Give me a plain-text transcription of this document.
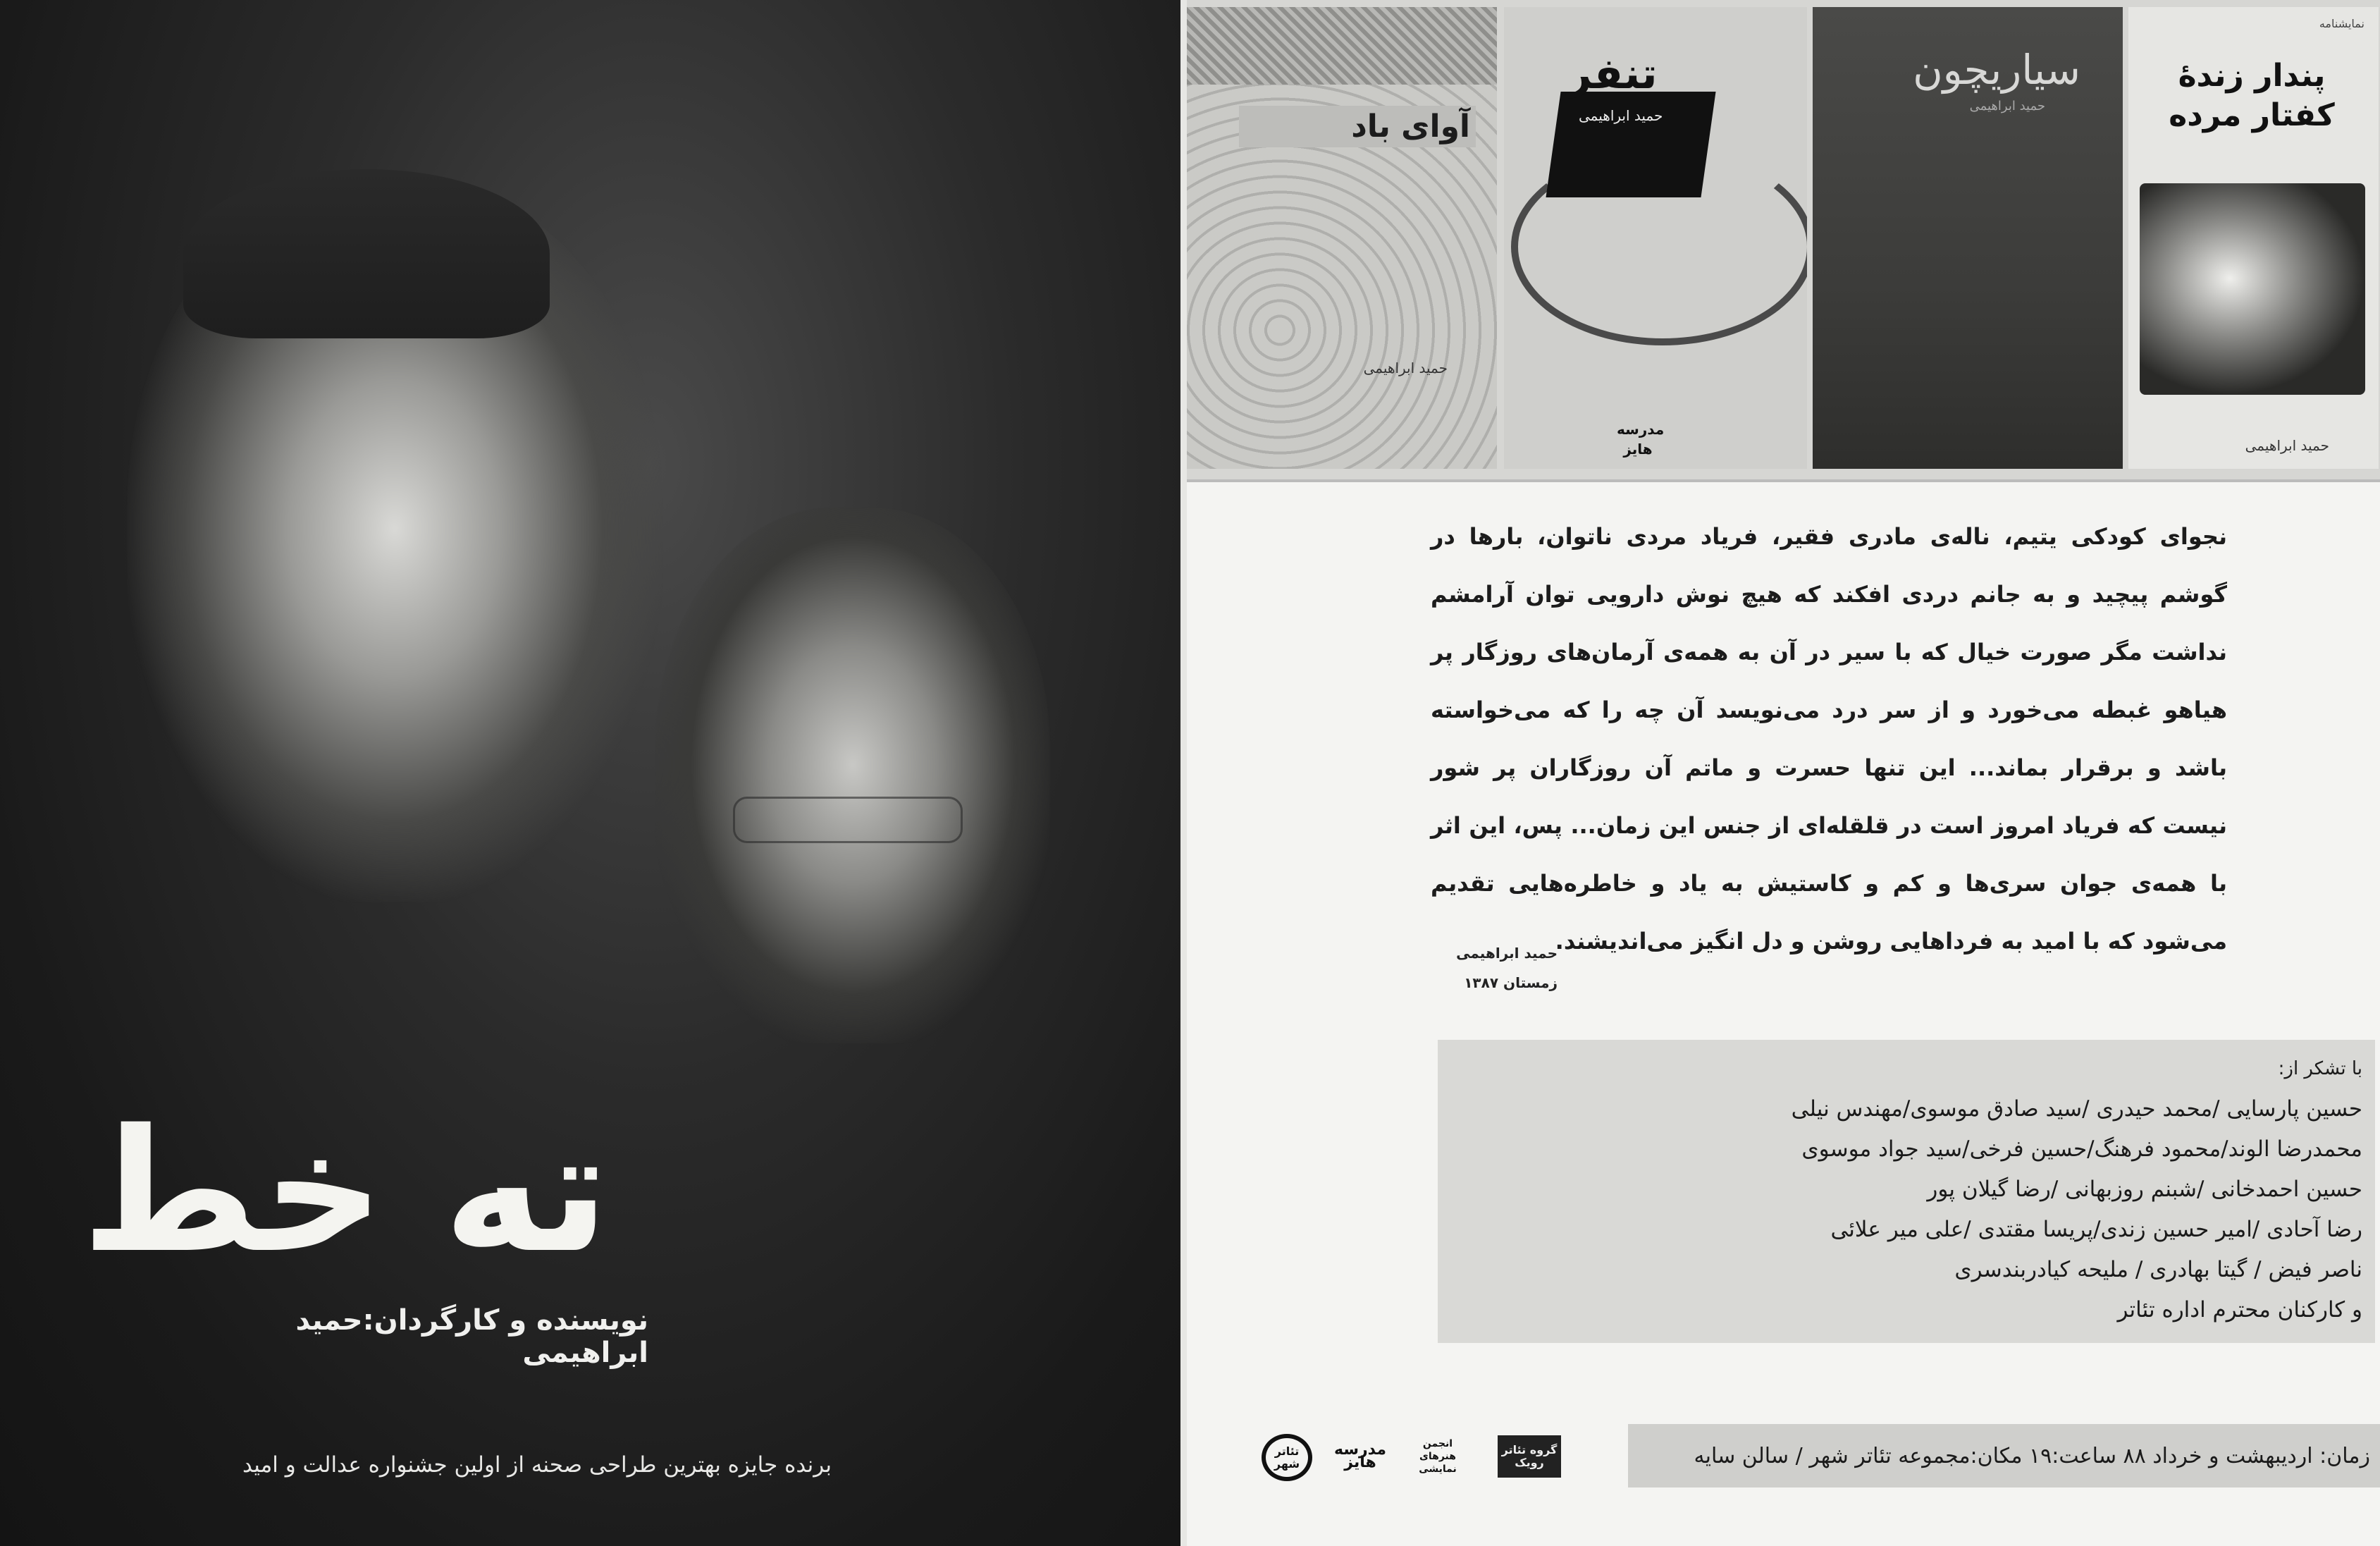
ته خط
نویسنده و کارگردان:حمید ابراهیمی
برنده جایزه بهترین طراحی صحنه از اولین جشنواره عدالت و امید
آوای باد
حمید ابراهیمی
تنفر
حمید ابراهیمی
مدرسه هایز
سیاریچون
حمید ابراهیمی
نمایشنامه
پندار زندهٔ کفتار مرده
حمید ابراهیمی
نجوای کودکی یتیم، ناله‌ی مادری فقیر، فریاد مردی ناتوان، بارها در گوشم پیچید و به جانم دردی افکند که هیچ نوش دارویی توان آرامشم نداشت مگر صورت خیال که با سیر در آن به همه‌ی آرمان‌های روزگار پر هیاهو غبطه می‌خورد و از سر درد می‌نویسد آن چه را که می‌خواسته باشد و برقرار بماند... این تنها حسرت و ماتم آن روزگاران پر شور نیست که فریاد امروز است در قلقله‌ای از جنس این زمان... پس، این اثر با همه‌ی جوان سری‌ها و کم و کاستیش به یاد و خاطره‌هایی تقدیم می‌شود که با امید به فرداهایی روشن و دل انگیز می‌اندیشند.
حمید ابراهیمی
زمستان ۱۳۸۷
با تشکر از:
حسین پارسایی /محمد حیدری /سید صادق موسوی/مهندس نیلی
محمدرضا الوند/محمود فرهنگ/حسین فرخی/سید جواد موسوی
حسین احمدخانی /شبنم روزبهانی /رضا گیلان پور
رضا آحادی /امیر حسین زندی/پریسا مقتدی /علی میر علائی
ناصر فیض / گیتا بهادری / ملیحه کیادربندسری
و کارکنان محترم اداره تئاتر
تئاتر شهر
مدرسه هایز
انجمن هنرهای نمایشی
گروه تئاتر رویک	زمان: اردیبهشت و خرداد ۸۸ ساعت:۱۹ مکان:مجموعه تئاتر شهر / سالن سایه
